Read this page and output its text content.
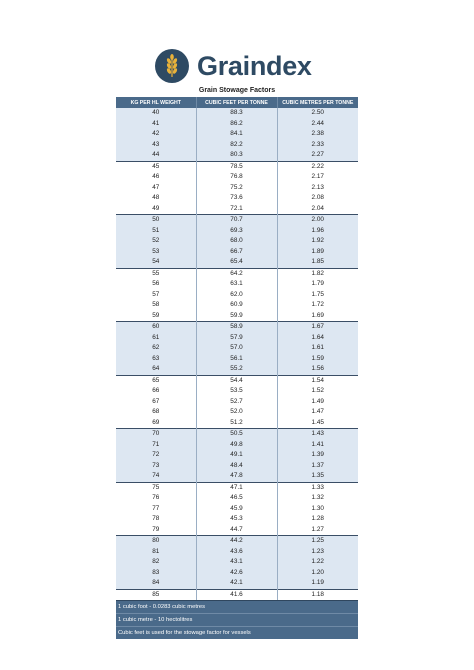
Graindex
Grain Stowage Factors
KG PER HL WEIGHT	CUBIC FEET PER TONNE	CUBIC METRES PER TONNE
40	88.3	2.50
41	86.2	2.44
42	84.1	2.38
43	82.2	2.33
44	80.3	2.27
45	78.5	2.22
46	76.8	2.17
47	75.2	2.13
48	73.6	2.08
49	72.1	2.04
50	70.7	2.00
51	69.3	1.96
52	68.0	1.92
53	66.7	1.89
54	65.4	1.85
55	64.2	1.82
56	63.1	1.79
57	62.0	1.75
58	60.9	1.72
59	59.9	1.69
60	58.9	1.67
61	57.9	1.64
62	57.0	1.61
63	56.1	1.59
64	55.2	1.56
65	54.4	1.54
66	53.5	1.52
67	52.7	1.49
68	52.0	1.47
69	51.2	1.45
70	50.5	1.43
71	49.8	1.41
72	49.1	1.39
73	48.4	1.37
74	47.8	1.35
75	47.1	1.33
76	46.5	1.32
77	45.9	1.30
78	45.3	1.28
79	44.7	1.27
80	44.2	1.25
81	43.6	1.23
82	43.1	1.22
83	42.6	1.20
84	42.1	1.19
85	41.6	1.18
1 cubic foot - 0.0283 cubic metres
1 cubic metre - 10 hectolitres
Cubic feet is used for the stowage factor for vessels
